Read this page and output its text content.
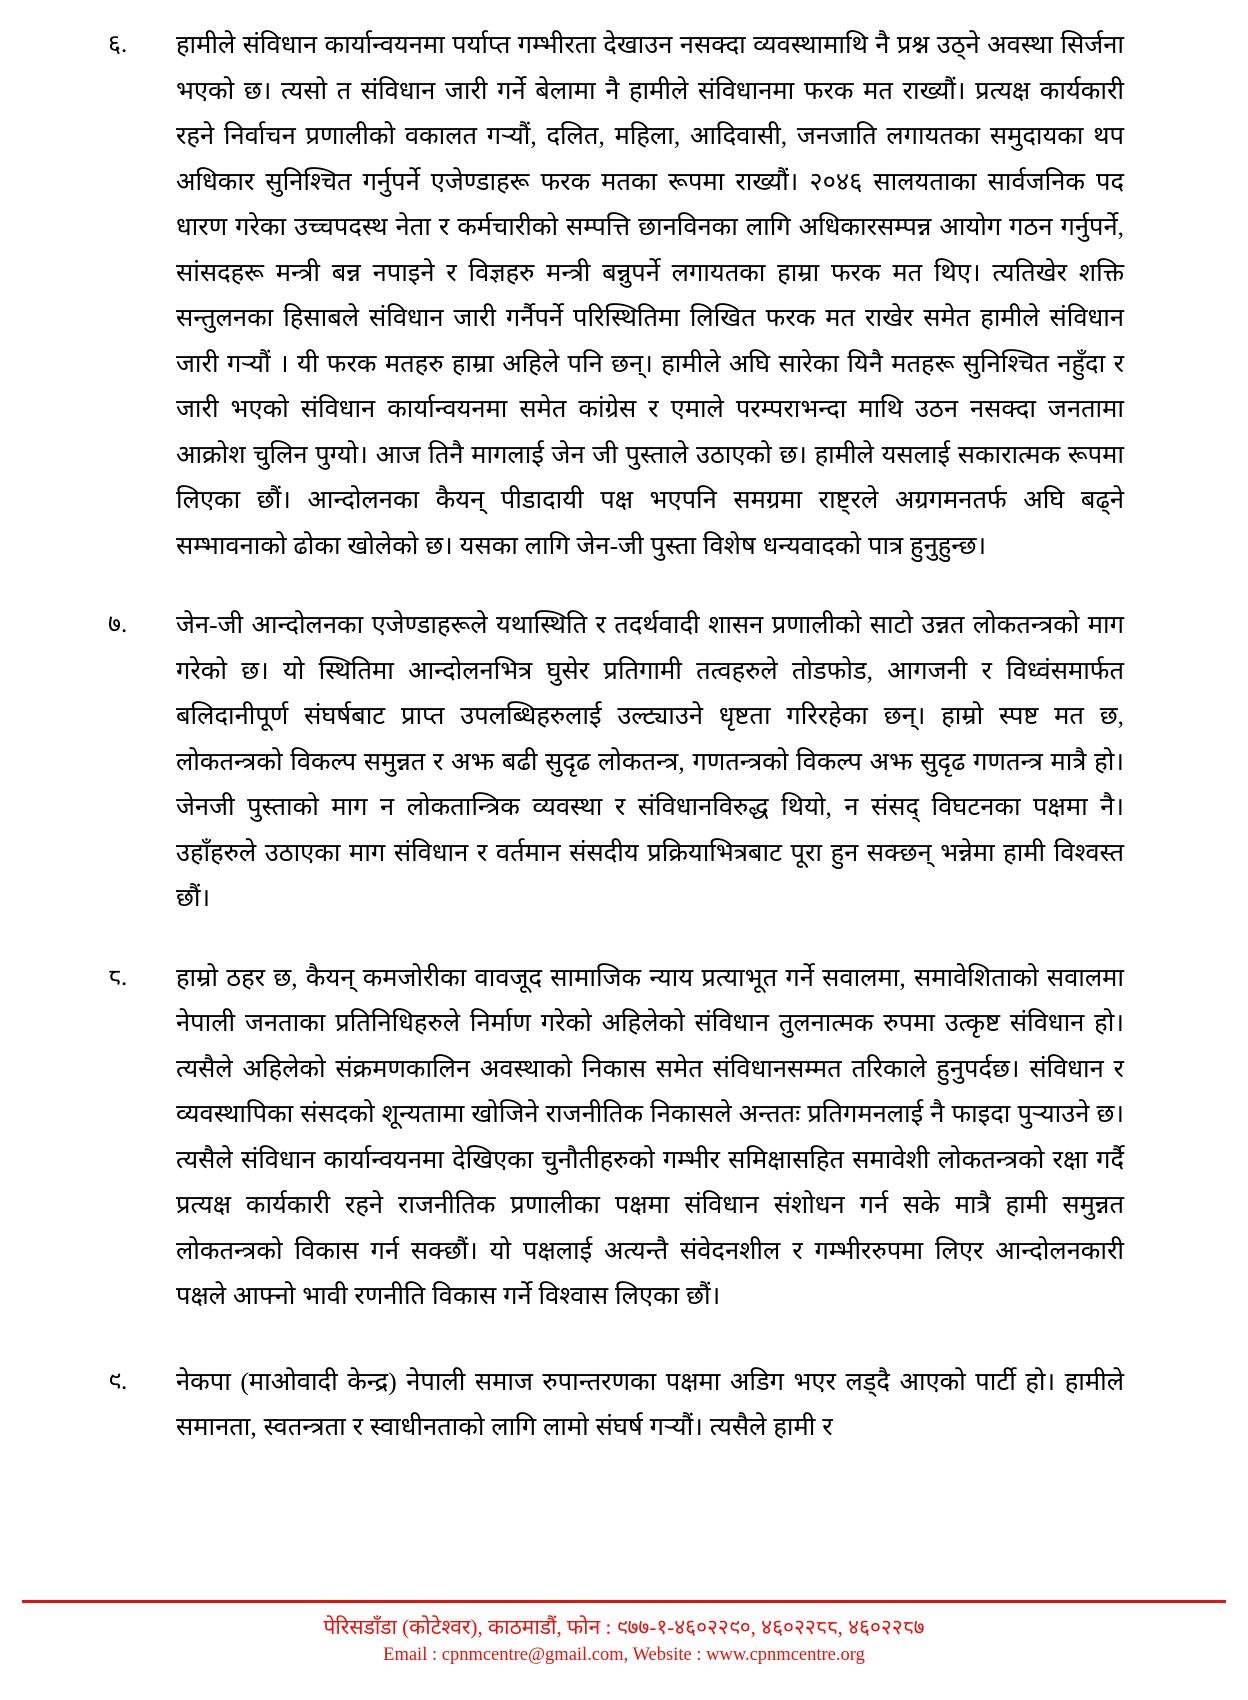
६.	हामीले संविधान कार्यान्वयनमा पर्याप्त गम्भीरता देखाउन नसक्दा व्यवस्थामाथि नै प्रश्न उठ्ने अवस्था सिर्जना भएको छ। त्यसो त संविधान जारी गर्ने बेलामा नै हामीले संविधानमा फरक मत राख्यौं। प्रत्यक्ष कार्यकारी रहने निर्वाचन प्रणालीको वकालत गर्‍यौं, दलित, महिला, आदिवासी, जनजाति लगायतका समुदायका थप अधिकार सुनिश्चित गर्नुपर्ने एजेण्डाहरू फरक मतका रूपमा राख्यौं। २०४६ सालयताका सार्वजनिक पद धारण गरेका उच्चपदस्थ नेता र कर्मचारीको सम्पत्ति छानविनका लागि अधिकारसम्पन्न आयोग गठन गर्नुपर्ने, सांसदहरू मन्त्री बन्न नपाइने र विज्ञहरु मन्त्री बन्नुपर्ने लगायतका हाम्रा फरक मत थिए। त्यतिखेर शक्ति सन्तुलनका हिसाबले संविधान जारी गर्नैपर्ने परिस्थितिमा लिखित फरक मत राखेर समेत हामीले संविधान जारी गर्‍यौं । यी फरक मतहरु हाम्रा अहिले पनि छन्। हामीले अघि सारेका यिनै मतहरू सुनिश्चित नहुँदा र जारी भएको संविधान कार्यान्वयनमा समेत कांग्रेस र एमाले परम्पराभन्दा माथि उठन नसक्दा जनतामा आक्रोश चुलिन पुग्यो। आज तिनै मागलाई जेन जी पुस्ताले उठाएको छ। हामीले यसलाई सकारात्मक रूपमा लिएका छौं। आन्दोलनका कैयन् पीडादायी पक्ष भएपनि समग्रमा राष्ट्रले अग्रगमनतर्फ अघि बढ्ने सम्भावनाको ढोका खोलेको छ। यसका लागि जेन-जी पुस्ता विशेष धन्यवादको पात्र हुनुहुन्छ।
७.	जेन-जी आन्दोलनका एजेण्डाहरूले यथास्थिति र तदर्थवादी शासन प्रणालीको साटो उन्नत लोकतन्त्रको माग गरेको छ। यो स्थितिमा आन्दोलनभित्र घुसेर प्रतिगामी तत्वहरुले तोडफोड, आगजनी र विध्वंसमार्फत बलिदानीपूर्ण संघर्षबाट प्राप्त उपलब्धिहरुलाई उल्ट्याउने धृष्टता गरिरहेका छन्। हाम्रो स्पष्ट मत छ, लोकतन्त्रको विकल्प समुन्नत र अझ बढी सुदृढ लोकतन्त्र, गणतन्त्रको विकल्प अझ सुदृढ गणतन्त्र मात्रै हो। जेनजी पुस्ताको माग न लोकतान्त्रिक व्यवस्था र संविधानविरुद्ध थियो, न संसद् विघटनका पक्षमा नै। उहाँहरुले उठाएका माग संविधान र वर्तमान संसदीय प्रक्रियाभित्रबाट पूरा हुन सक्छन् भन्नेमा हामी विश्वस्त छौं।
८.	हाम्रो ठहर छ, कैयन् कमजोरीका वावजूद सामाजिक न्याय प्रत्याभूत गर्ने सवालमा, समावेशिताको सवालमा नेपाली जनताका प्रतिनिधिहरुले निर्माण गरेको अहिलेको संविधान तुलनात्मक रुपमा उत्कृष्ट संविधान हो। त्यसैले अहिलेको संक्रमणकालिन अवस्थाको निकास समेत संविधानसम्मत तरिकाले हुनुपर्दछ। संविधान र व्यवस्थापिका संसदको शून्यतामा खोजिने राजनीतिक निकासले अन्ततः प्रतिगमनलाई नै फाइदा पुऱ्याउने छ। त्यसैले संविधान कार्यान्वयनमा देखिएका चुनौतीहरुको गम्भीर समिक्षासहित समावेशी लोकतन्त्रको रक्षा गर्दै प्रत्यक्ष कार्यकारी रहने राजनीतिक प्रणालीका पक्षमा संविधान संशोधन गर्न सके मात्रै हामी समुन्नत लोकतन्त्रको विकास गर्न सक्छौं। यो पक्षलाई अत्यन्तै संवेदनशील र गम्भीररुपमा लिएर आन्दोलनकारी पक्षले आफ्नो भावी रणनीति विकास गर्ने विश्वास लिएका छौं।
९.	नेकपा (माओवादी केन्द्र) नेपाली समाज रुपान्तरणका पक्षमा अडिग भएर लड्दै आएको पार्टी हो। हामीले समानता, स्वतन्त्रता र स्वाधीनताको लागि लामो संघर्ष गऱ्यौं। त्यसैले हामी र
पेरिसडाँडा (कोटेश्वर), काठमाडौं, फोन : ९७७-१-४६०२२९०, ४६०२२८८, ४६०२२८७
Email : cpnmcentre@gmail.com, Website : www.cpnmcentre.org
